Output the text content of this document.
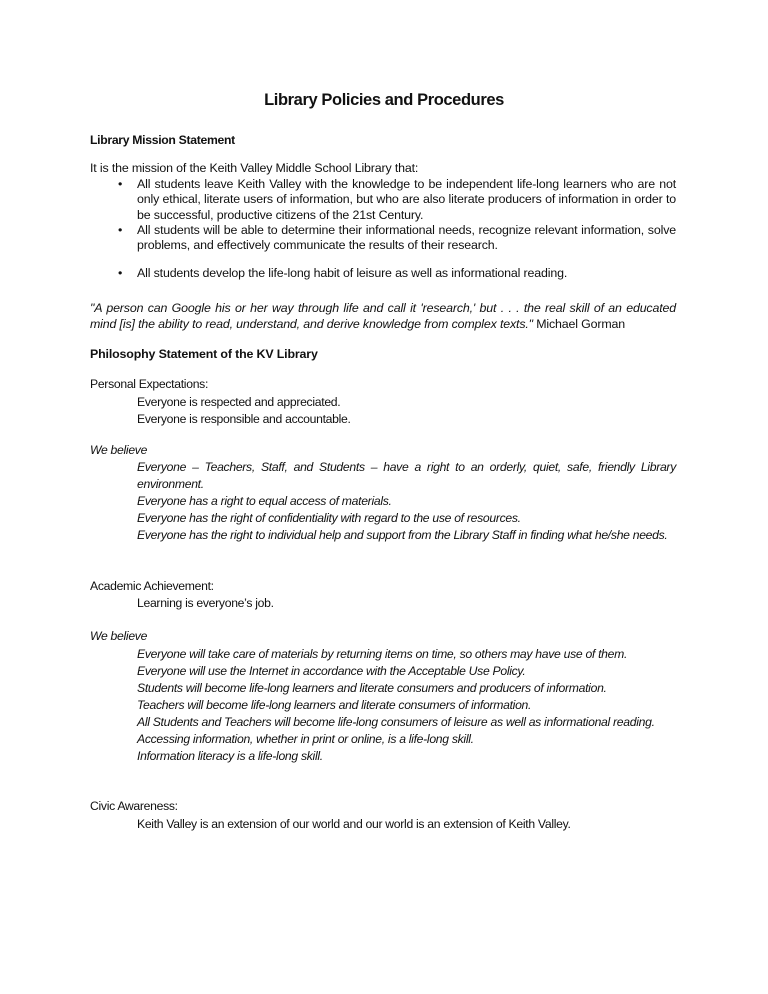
Library Policies and Procedures
Library Mission Statement
It is the mission of the Keith Valley Middle School Library that:
• All students leave Keith Valley with the knowledge to be independent life-long learners who are not only ethical, literate users of information, but who are also literate producers of information in order to be successful, productive citizens of the 21st Century.
• All students will be able to determine their informational needs, recognize relevant information, solve problems, and effectively communicate the results of their research.
• All students develop the life-long habit of leisure as well as informational reading.
"A person can Google his or her way through life and call it 'research,' but . . . the real skill of an educated mind [is] the ability to read, understand, and derive knowledge from complex texts." Michael Gorman
Philosophy Statement of the KV Library
Personal Expectations:
Everyone is respected and appreciated.
Everyone is responsible and accountable.
We believe
Everyone – Teachers, Staff, and Students – have a right to an orderly, quiet, safe, friendly Library environment.
Everyone has a right to equal access of materials.
Everyone has the right of confidentiality with regard to the use of resources.
Everyone has the right to individual help and support from the Library Staff in finding what he/she needs.
Academic Achievement:
Learning is everyone’s job.
We believe
Everyone will take care of materials by returning items on time, so others may have use of them.
Everyone will use the Internet in accordance with the Acceptable Use Policy.
Students will become life-long learners and literate consumers and producers of information.
Teachers will become life-long learners and literate consumers of information.
All Students and Teachers will become life-long consumers of leisure as well as informational reading.
Accessing information, whether in print or online, is a life-long skill.
Information literacy is a life-long skill.
Civic Awareness:
Keith Valley is an extension of our world and our world is an extension of Keith Valley.
